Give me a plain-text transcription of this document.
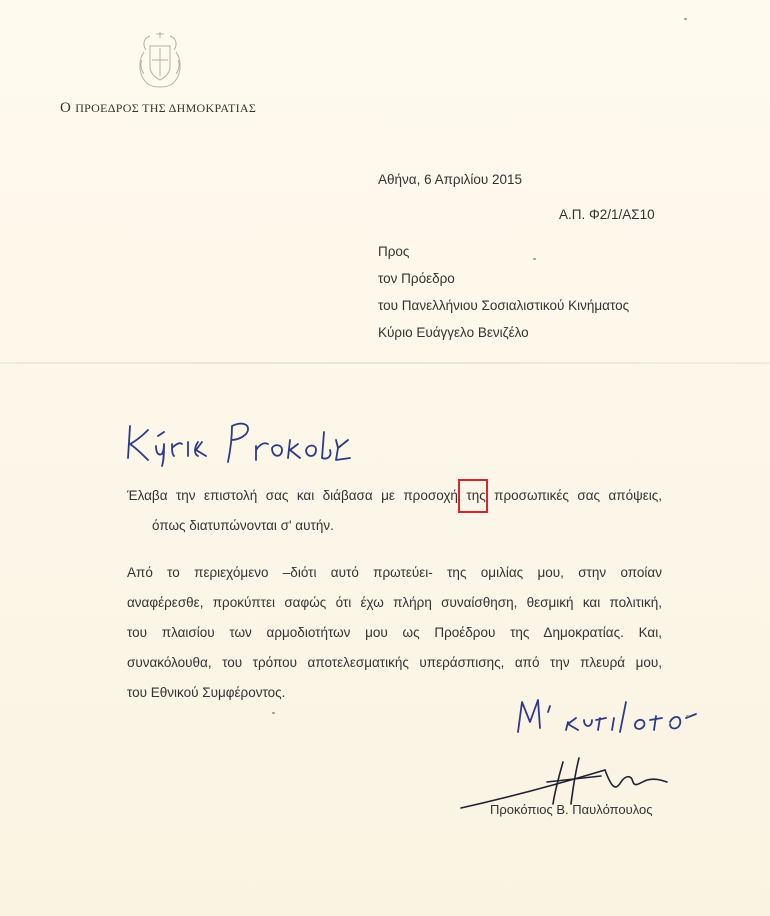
Ο ΠΡΟΕΔΡΟΣ ΤΗΣ ΔΗΜΟΚΡΑΤΙΑΣ
Αθήνα, 6 Απριλίου 2015
Α.Π. Φ2/1/ΑΣ10
Προς
τον Πρόεδρο
του Πανελλήνιου Σοσιαλιστικού Κινήματος
Κύριο Ευάγγελο Βενιζέλο
Έλαβα την επιστολή σας και διάβασα με προσοχή της προσωπικές σας απόψεις,
όπως διατυπώνονται σ' αυτήν.
Από το περιεχόμενο –διότι αυτό πρωτεύει- της ομιλίας μου, στην οποίαν
αναφέρεσθε, προκύπτει σαφώς ότι έχω πλήρη συναίσθηση, θεσμική και πολιτική,
του πλαισίου των αρμοδιοτήτων μου ως Προέδρου της Δημοκρατίας. Και,
συνακόλουθα, του τρόπου αποτελεσματικής υπεράσπισης, από την πλευρά μου,
του Εθνικού Συμφέροντος.
Προκόπιος Β. Παυλόπουλος
